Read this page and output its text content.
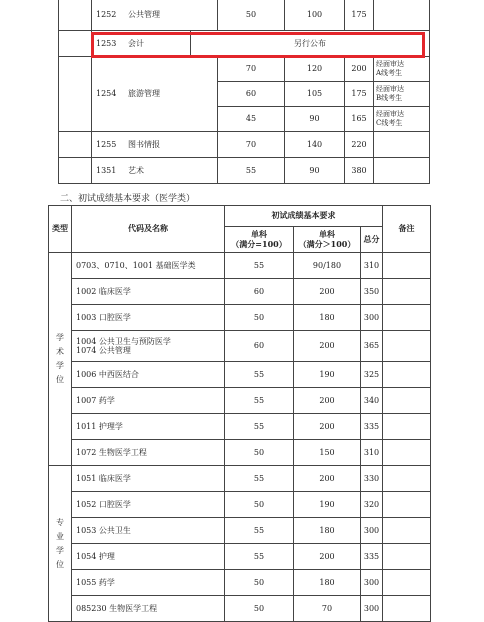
	1252 公共管理		50	100	175	
	1253 会计	另行公布				
	1254 旅游管理		70	120	200	经面审达
A线考生

			60	105	175	经面审达
B线考生

			45	90	165	经面审达
C线考生

	1255 图书情报		70	140	220	
	1351 艺术		55	90	380	
二、初试成绩基本要求（医学类）
类型	代码及名称	初试成绩基本要求			备注

		单科
（满分=100）	单科
（满分＞100）	总分	

学
术
学
位	0703、0710、1001 基础医学类	55	90/180	310	

	1002 临床医学	60	200	350	

	1003 口腔医学	50	180	300	

	1004 公共卫生与预防医学
1074 公共管理	60	200	365	

	1006 中西医结合	55	190	325	

	1007 药学	55	200	340	

	1011 护理学	55	200	335	

	1072 生物医学工程	50	150	310	

专
业
学
位	1051 临床医学	55	200	330	

	1052 口腔医学	50	190	320	

	1053 公共卫生	55	180	300	

	1054 护理	55	200	335	

	1055 药学	50	180	300	

	085230 生物医学工程	50	70	300	
